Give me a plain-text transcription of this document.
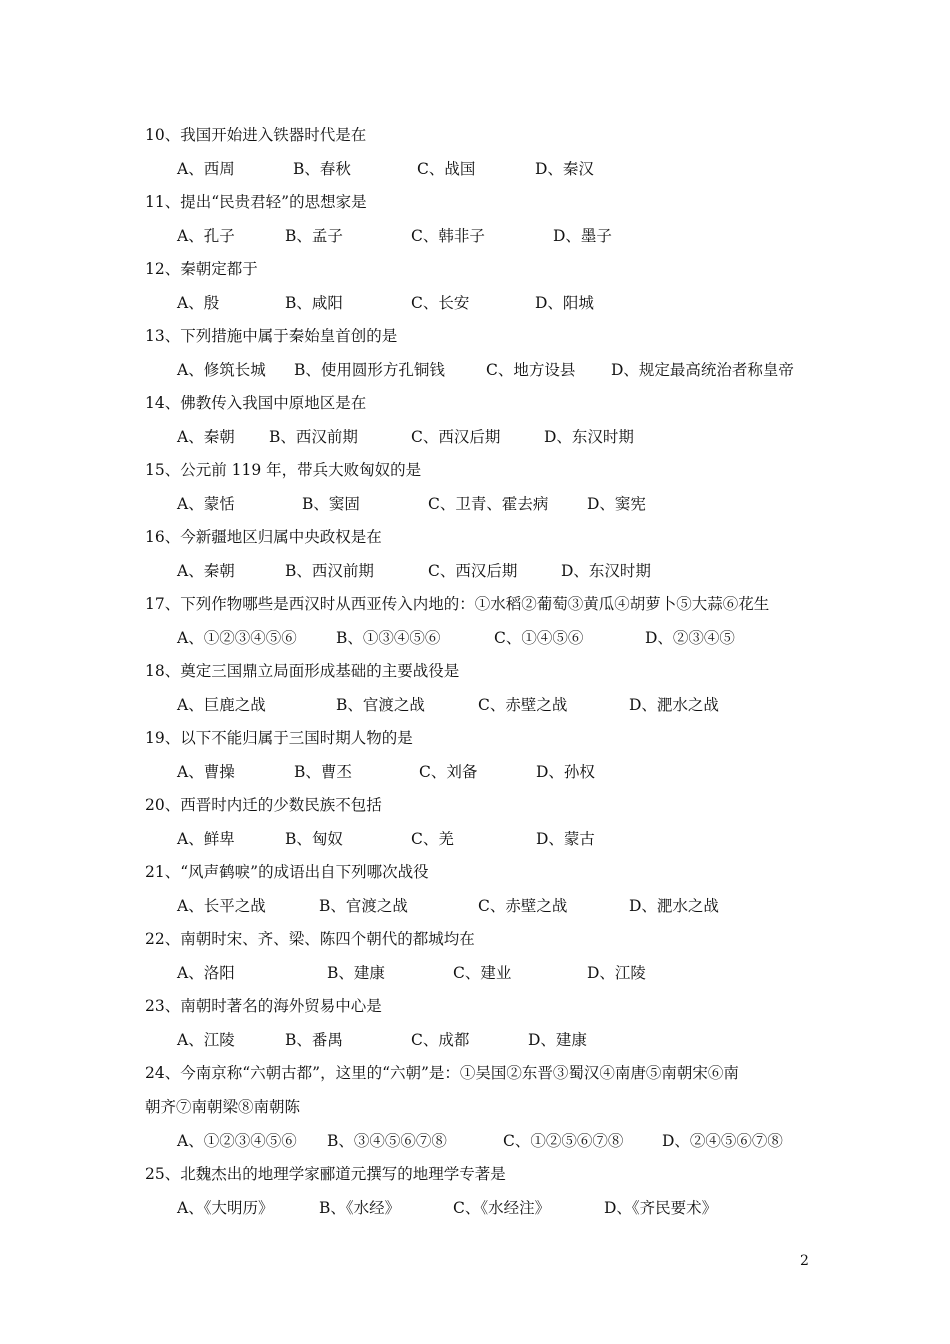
10、我国开始进入铁器时代是在
A、西周	B、春秋	C、战国	D、秦汉
11、提出“民贵君轻”的思想家是
A、孔子	B、孟子	C、韩非子	D、墨子
12、秦朝定都于
A、殷	B、咸阳	C、长安	D、阳城
13、下列措施中属于秦始皇首创的是
A、修筑长城 B、使用圆形方孔铜钱	C、地方设县 D、规定最高统治者称皇帝
14、佛教传入我国中原地区是在
A、秦朝 B、西汉前期	C、西汉后期	D、东汉时期
15、公元前 119 年，带兵大败匈奴的是
A、蒙恬	B、窦固	C、卫青、霍去病 D、窦宪
16、今新疆地区归属中央政权是在
A、秦朝	B、西汉前期	C、西汉后期	D、东汉时期
17、下列作物哪些是西汉时从西亚传入内地的：①水稻②葡萄③黄瓜④胡萝卜⑤大蒜⑥花生
A、①②③④⑤⑥	B、①③④⑤⑥	C、①④⑤⑥	D、②③④⑤
18、奠定三国鼎立局面形成基础的主要战役是
A、巨鹿之战	B、官渡之战	C、赤壁之战	D、淝水之战
19、以下不能归属于三国时期人物的是
A、曹操	B、曹丕	C、刘备	D、孙权
20、西晋时内迁的少数民族不包括
A、鲜卑	B、匈奴	C、羌	D、蒙古
21、“风声鹤唳”的成语出自下列哪次战役
A、长平之战	B、官渡之战	C、赤壁之战	D、淝水之战
22、南朝时宋、齐、梁、陈四个朝代的都城均在
A、洛阳	B、建康	C、建业	D、江陵
23、南朝时著名的海外贸易中心是
A、江陵	B、番禺	C、成都	D、建康
24、今南京称“六朝古都”，这里的“六朝”是：①吴国②东晋③蜀汉④南唐⑤南朝宋⑥南
朝齐⑦南朝梁⑧南朝陈
A、①②③④⑤⑥ B、③④⑤⑥⑦⑧	C、①②⑤⑥⑦⑧ D、②④⑤⑥⑦⑧
25、北魏杰出的地理学家郦道元撰写的地理学专著是
A、《大明历》	B、《水经》	C、《水经注》	D、《齐民要术》
2
